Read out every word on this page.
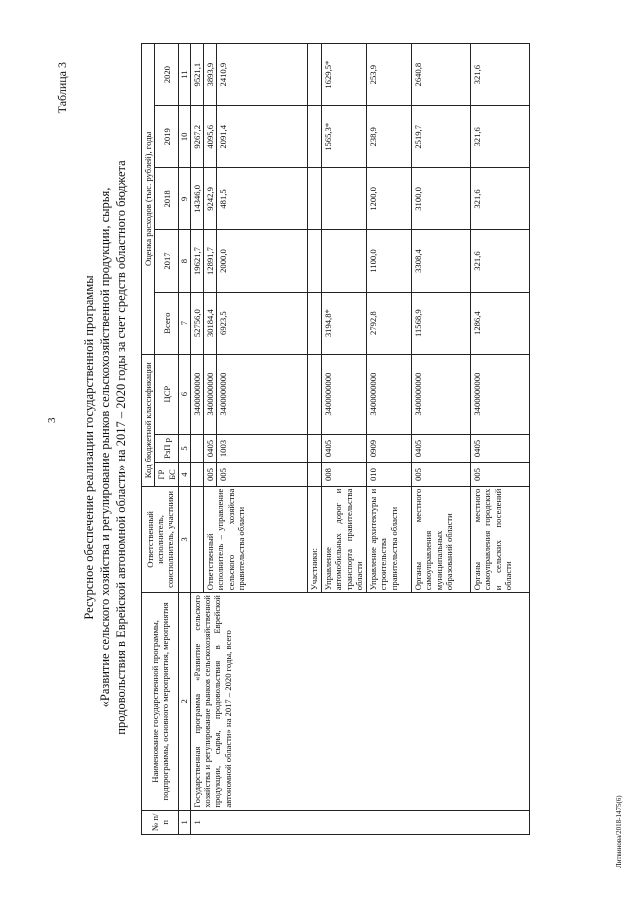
3
Литвинова/2018-1475(6)
Таблица 3
Ресурсное обеспечение реализации государственной программы «Развитие сельского хозяйства и регулирование рынков сельскохозяйственной продукции, сырья, продовольствия в Еврейской автономной области» на 2017 – 2020 годы за счет средств областного бюджета
№ п/п	Наименование государственной программы, подпрограммы, основного мероприятия, мероприятия	Ответственный исполнитель, соисполнитель, участники	Код бюджетной классификации			Оценка расходов (тыс. рублей), годы				
			ГР БС	РзП р	ЦСР	Всего	2017	2018	2019	2020

1	2	3	4	5	6	7	8	9	10	11
1	Государственная программа «Развитие сельского хозяйства и регулирование рынков сельскохозяйственной продукции, сырья, продовольствия в Еврейской автономной области» на 2017 – 2020 годы, всего				3400000000	52756,0	19621,7	14346,0	9267,2	9521,1
		Ответственный исполнитель – управление сельского хозяйства правительства области	005	0405	3400000000	30184,4	12891,7	9242,9	4095,6	3893,9
			005	1003	3400000000	6923,5	2000,0	481,5	2091,4	2410,9
		Участники:								
		Управление автомобильных дорог и транспорта правительства области	008	0405	3400000000	3194,8*			1565,3*	1629,5*
		Управление архитектуры и строительства правительства области	010	0909	3400000000	2792,8	1100,0	1200,0	238,9	253,9
		Органы местного самоуправления муниципальных образований области	005	0405	3400000000	11568,9	3308,4	3100,0	2519,7	2640,8
		Органы местного самоуправления городских и сельских поселений области	005	0405	3400000000	1286,4	321,6	321,6	321,6	321,6
